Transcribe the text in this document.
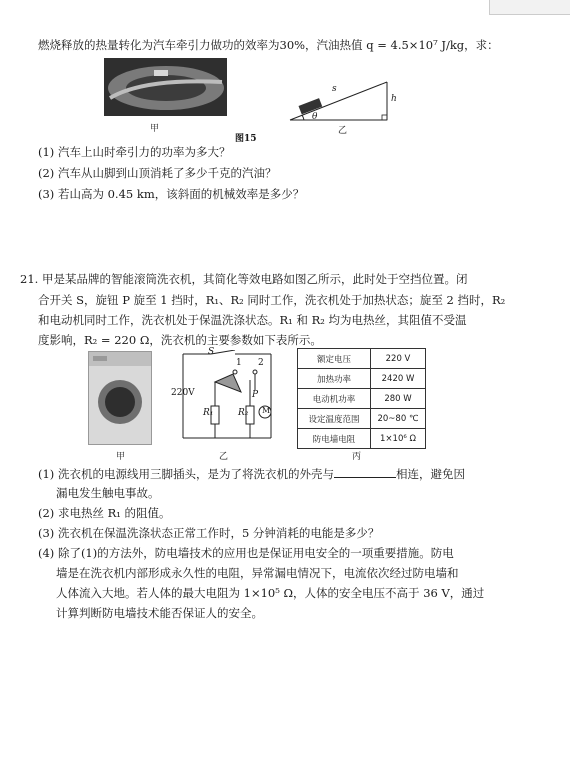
燃烧释放的热量转化为汽车牵引力做功的效率为30%，汽油热值 q = 4.5×10⁷ J/kg，求：
甲
s
h
θ
乙
图15
(1) 汽车上山时牵引力的功率为多大？
(2) 汽车从山脚到山顶消耗了多少千克的汽油？
(3) 若山高为 0.45 km，该斜面的机械效率是多少？
21. 甲是某品牌的智能滚筒洗衣机，其简化等效电路如图乙所示，此时处于空挡位置。闭
合开关 S，旋钮 P 旋至 1 挡时，R₁、R₂ 同时工作，洗衣机处于加热状态；旋至 2 挡时，R₂
和电动机同时工作，洗衣机处于保温洗涤状态。R₁ 和 R₂ 均为电热丝，其阻值不受温
度影响，R₂ = 220 Ω，洗衣机的主要参数如下表所示。
甲
S
220V
1 2
P
R₁	R₂ M
乙
额定电压	220 V
加热功率	2420 W
电动机功率	280 W
设定温度范围	20~80 ℃
防电墙电阻	1×10⁶ Ω
丙
(1) 洗衣机的电源线用三脚插头，是为了将洗衣机的外壳与	相连，避免因
漏电发生触电事故。
(2) 求电热丝 R₁ 的阻值。
(3) 洗衣机在保温洗涤状态正常工作时，5 分钟消耗的电能是多少？
(4) 除了(1)的方法外，防电墙技术的应用也是保证用电安全的一项重要措施。防电
墙是在洗衣机内部形成永久性的电阻，异常漏电情况下，电流依次经过防电墙和
人体流入大地。若人体的最大电阻为 1×10⁵ Ω，人体的安全电压不高于 36 V，通过
计算判断防电墙技术能否保证人的安全。
